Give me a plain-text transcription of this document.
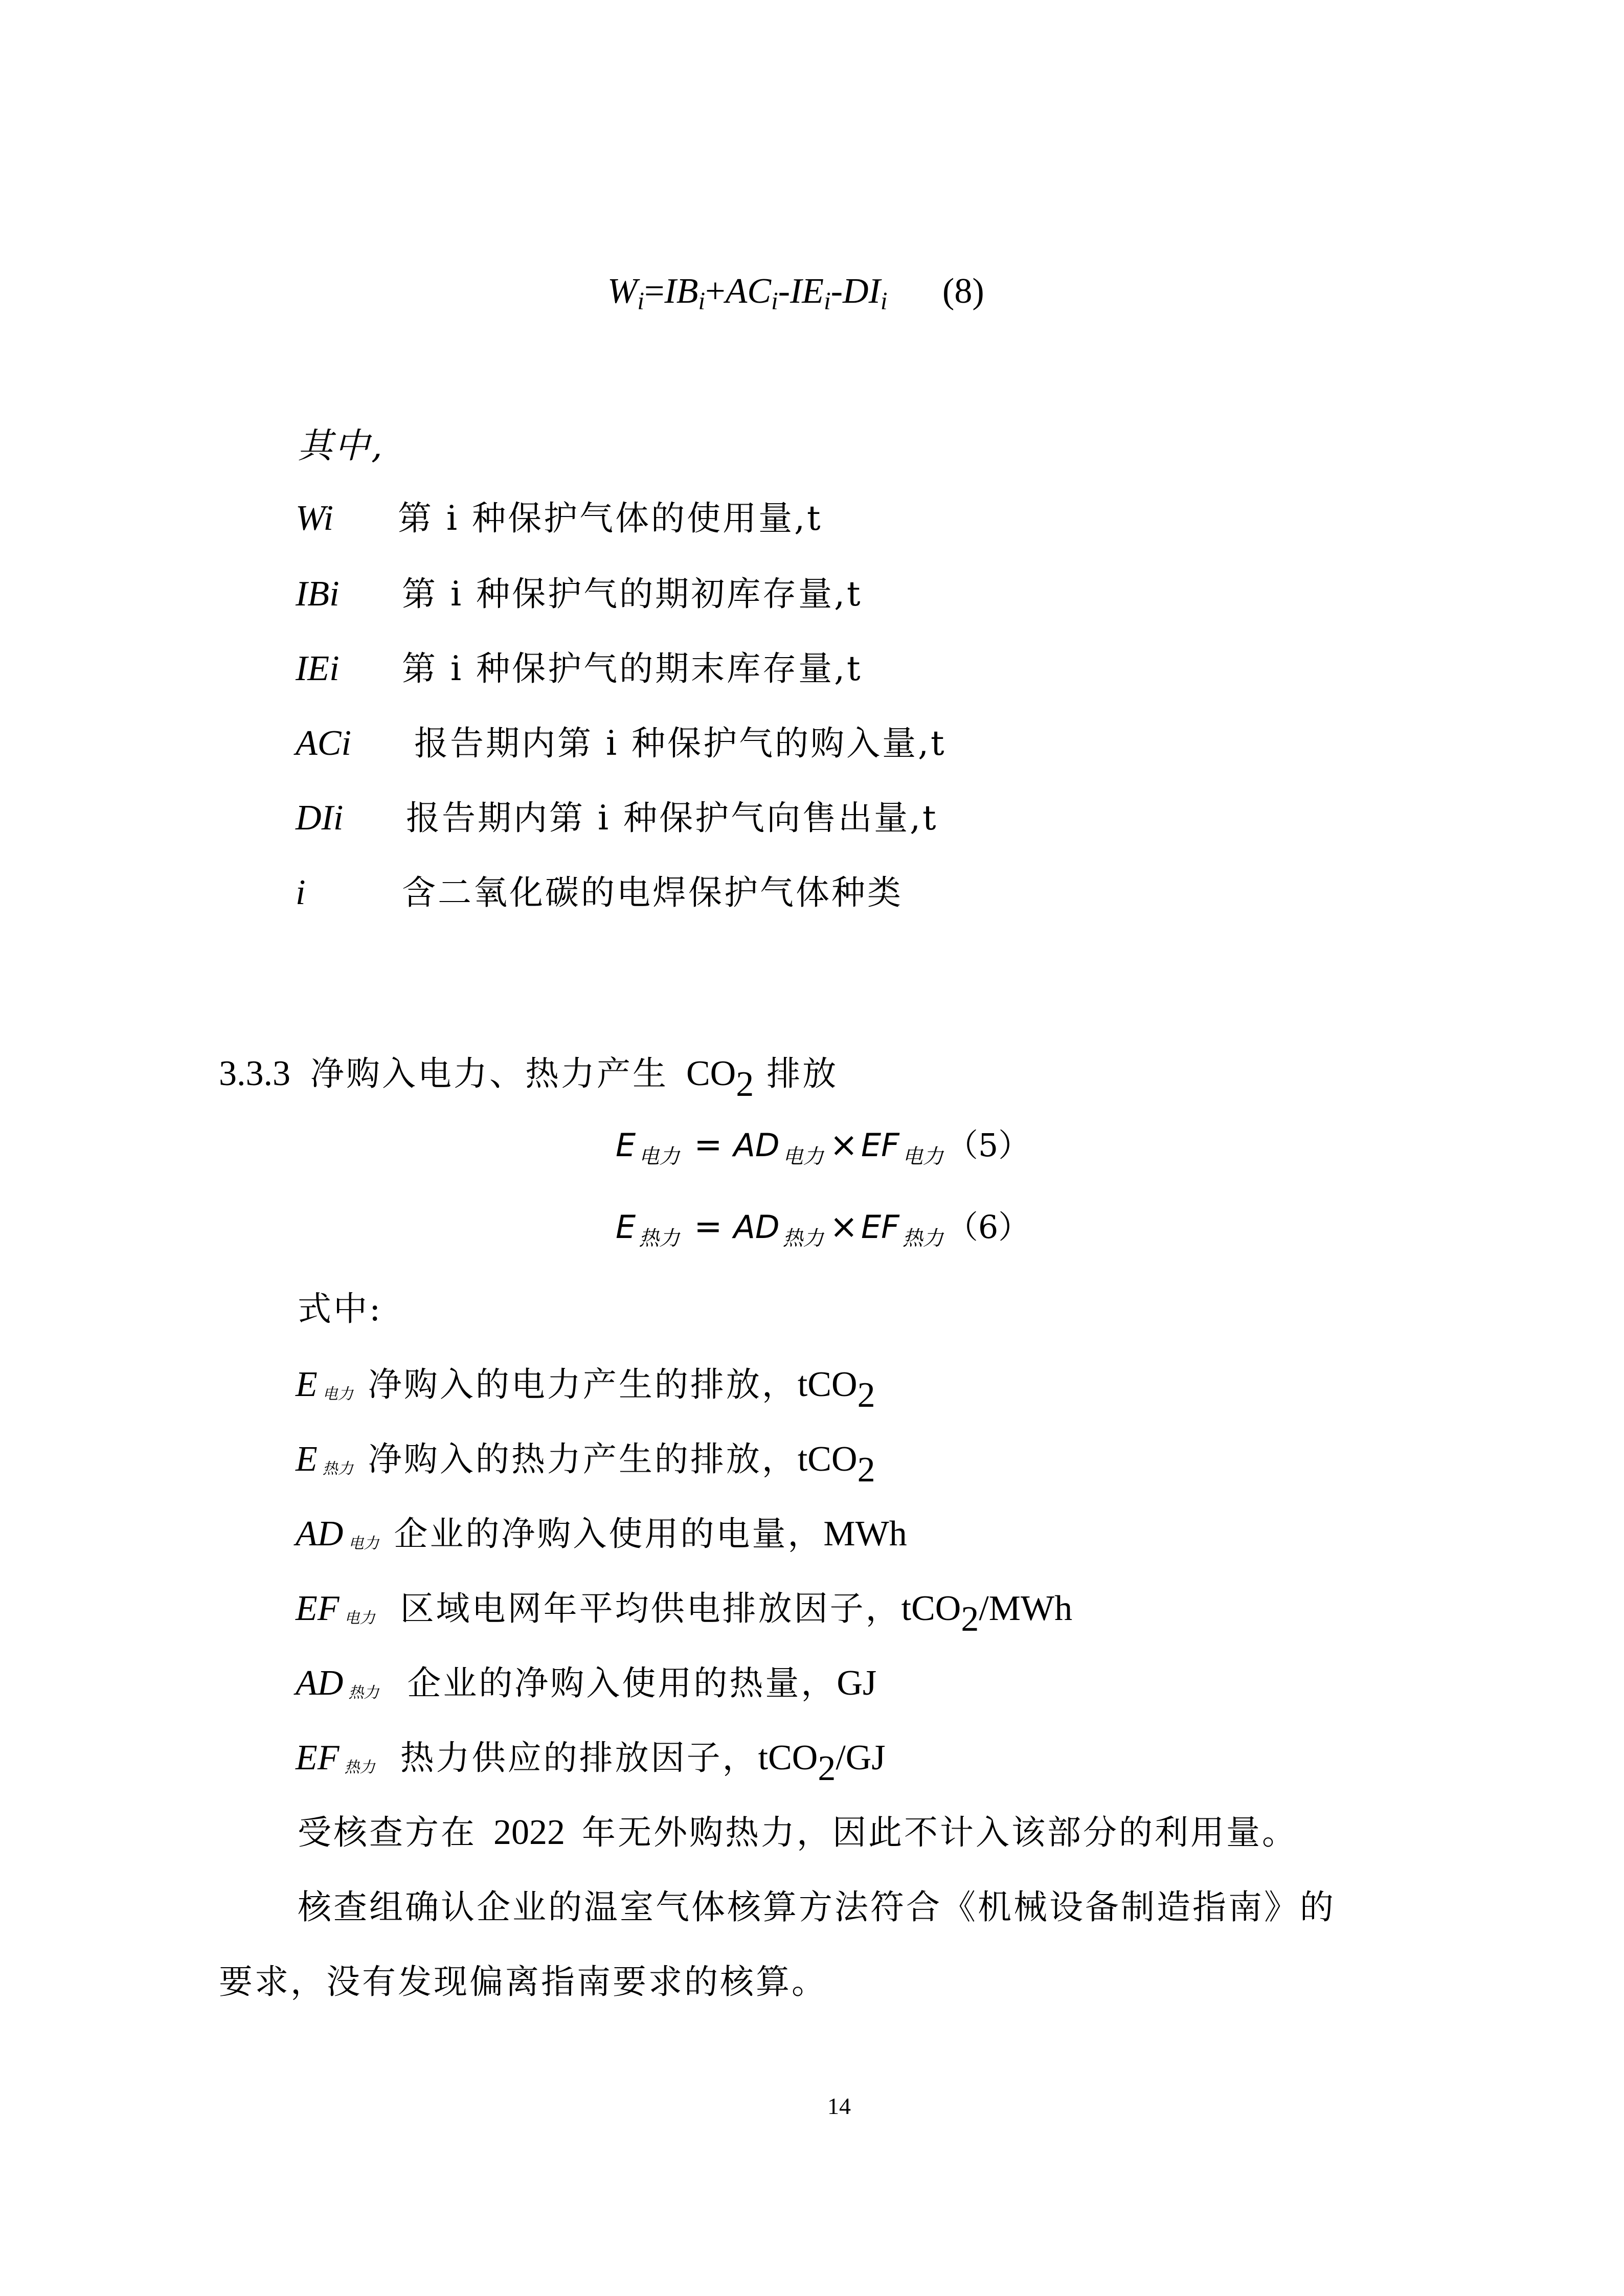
$W_i=IB_i+AC_i-IE_i-DI_i$ (8)
其中,
Wi 第 i 种保护气体的使用量,t
IBi 第 i 种保护气的期初库存量,t
IEi 第 i 种保护气的期末库存量,t
ACi 报告期内第 i 种保护气的购入量,t
DIi 报告期内第 i 种保护气向售出量,t
i	含二氧化碳的电焊保护气体种类
3.3.3 净购入电力、热力产生 CO2 排放
E $_{电力}$ = AD $_{电力}$ ×EF $_{电力}$（5）
E $_{热力}$ = AD $_{热力}$ ×EF $_{热力}$（6）
式中:
E电力 净购入的电力产生的排放，tCO2
E热力 净购入的热力产生的排放，tCO2
AD 电力 企业的净购入使用的电量，MWh
EF 电力 区域电网年平均供电排放因子，tCO2/MWh
AD 热力 企业的净购入使用的热量，GJ
EF 热力 热力供应的排放因子，tCO2/GJ
受核查方在 2022 年无外购热力，因此不计入该部分的利用量。
核查组确认企业的温室气体核算方法符合《机械设备制造指南》的
要求，没有发现偏离指南要求的核算。
14
